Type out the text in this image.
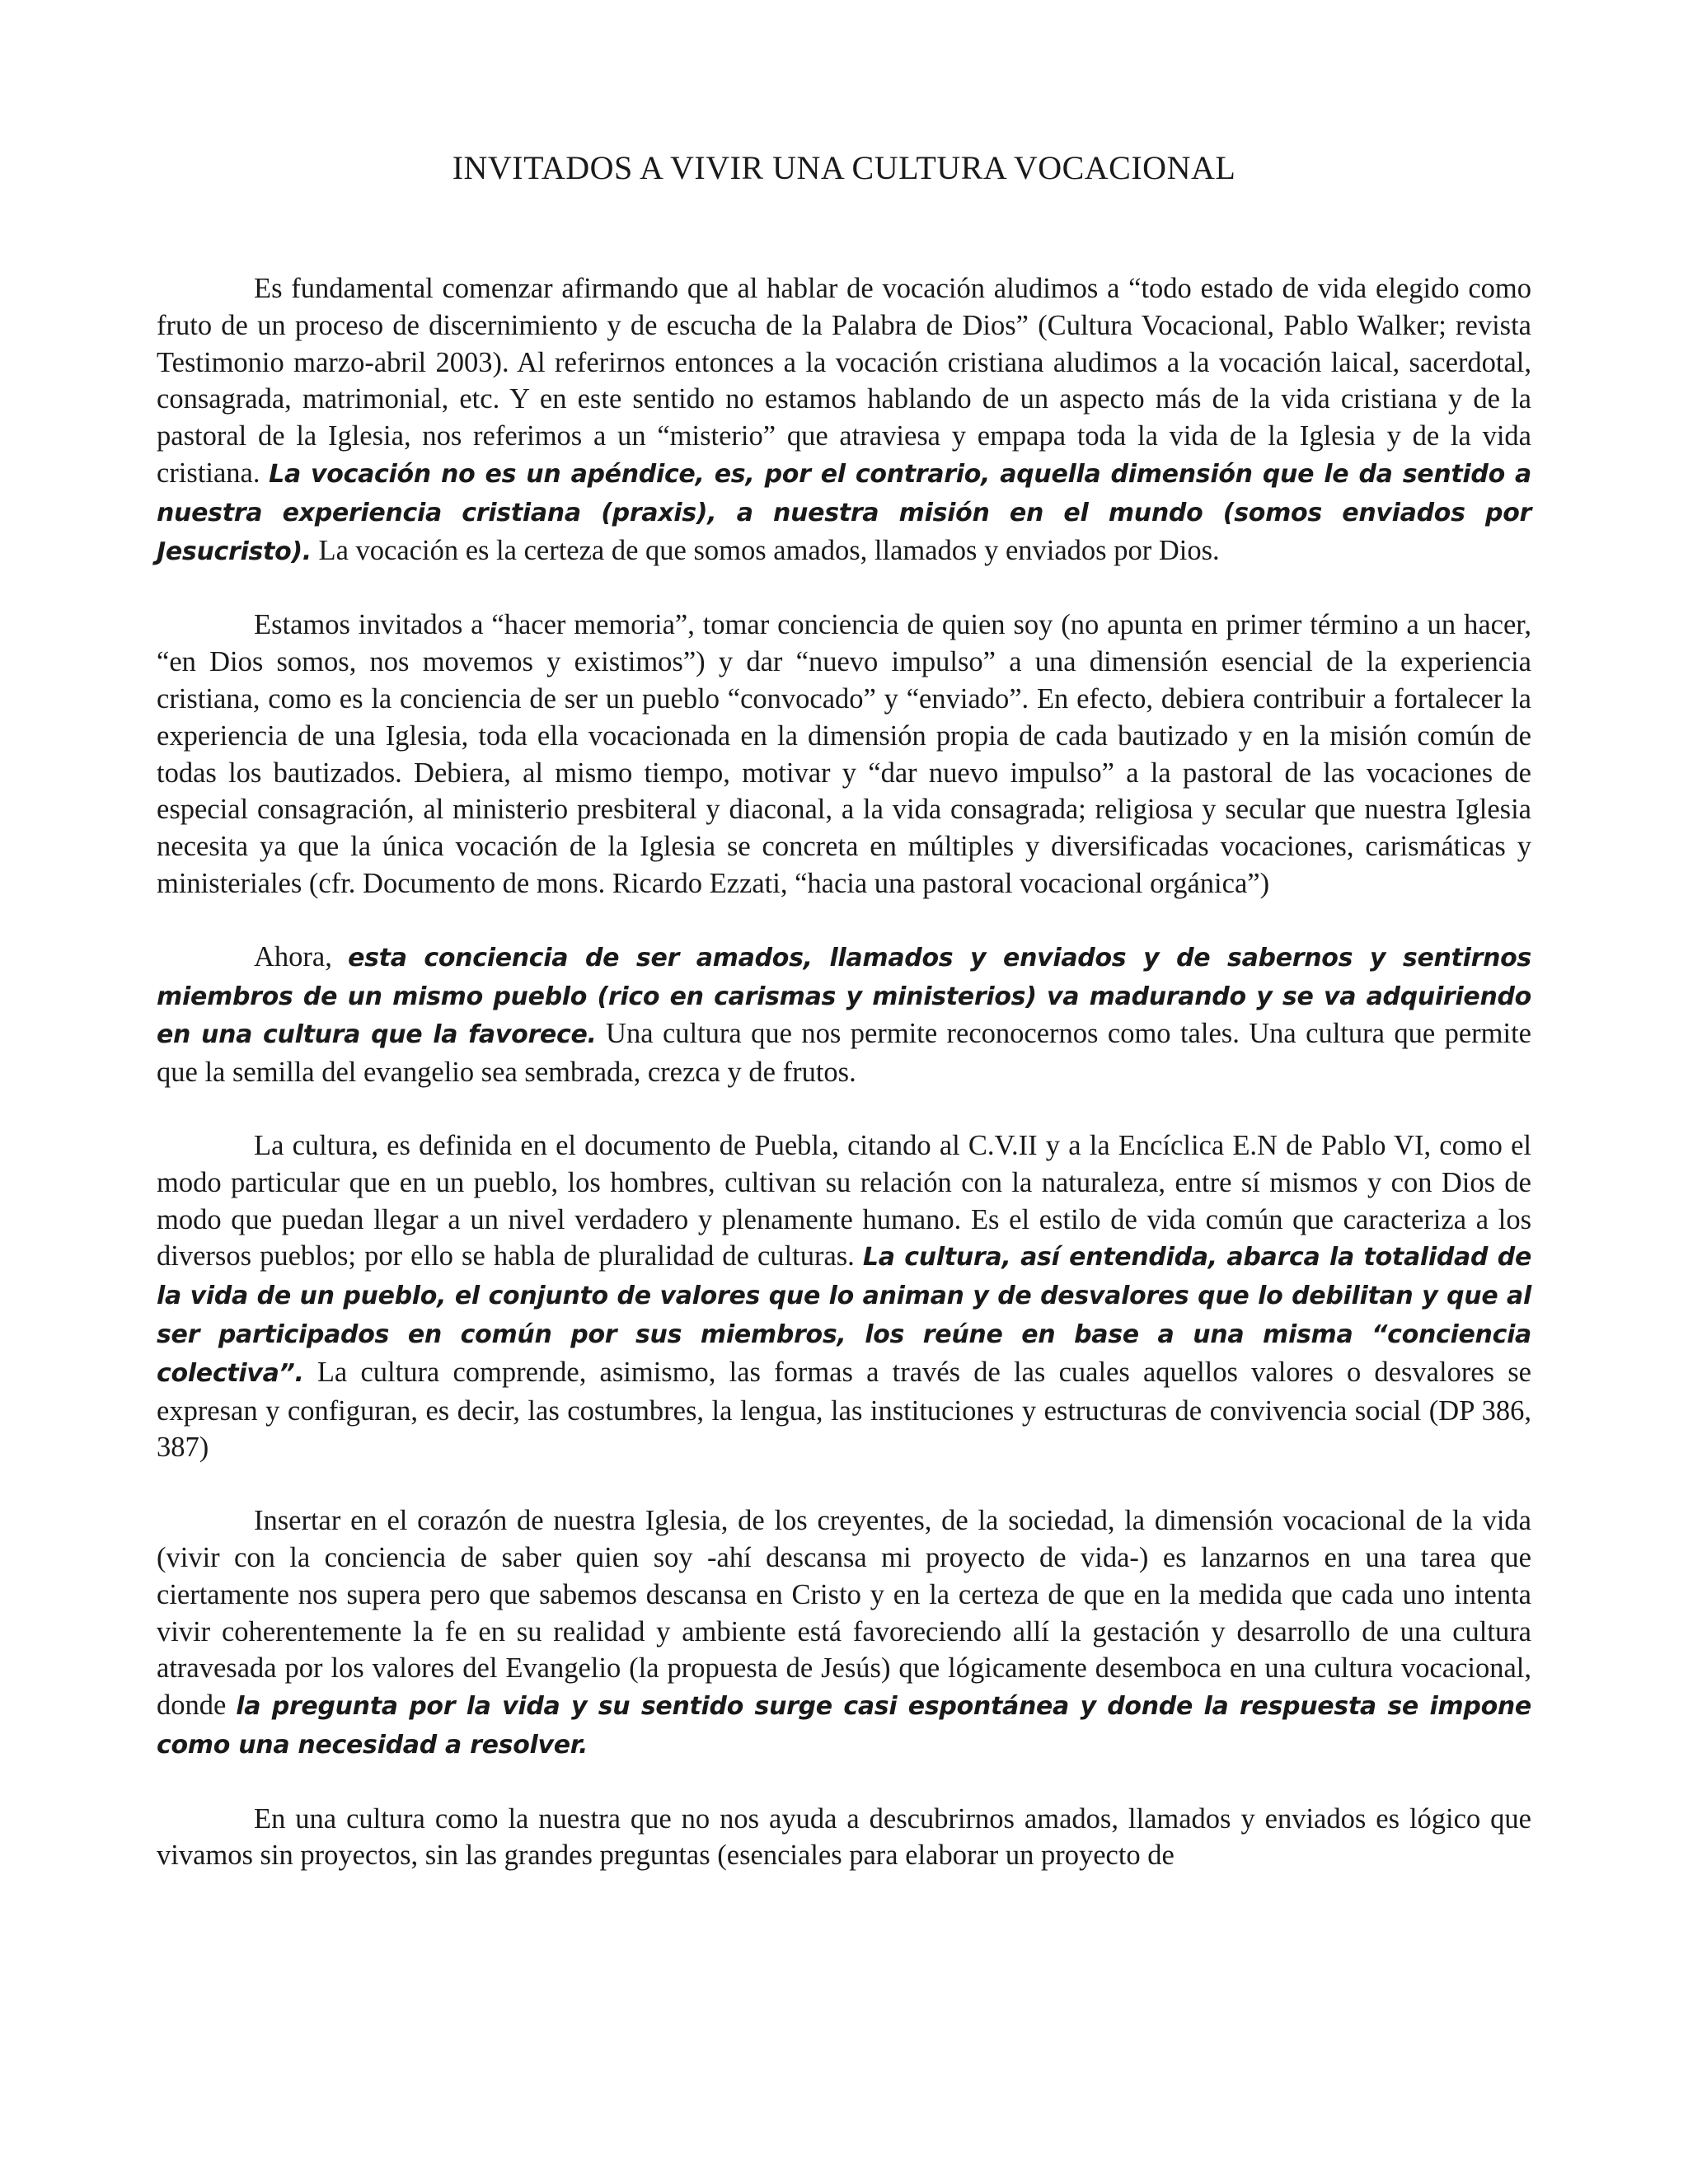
INVITADOS A VIVIR UNA CULTURA VOCACIONAL

Es fundamental comenzar afirmando que al hablar de vocación aludimos a “todo estado de vida elegido como fruto de un proceso de discernimiento y de escucha de la Palabra de Dios” (Cultura Vocacional, Pablo Walker; revista Testimonio marzo-abril 2003). Al referirnos entonces a la vocación cristiana aludimos a la vocación laical, sacerdotal, consagrada, matrimonial, etc. Y en este sentido no estamos hablando de un aspecto más de la vida cristiana y de la pastoral de la Iglesia, nos referimos a un “misterio” que atraviesa y empapa toda la vida de la Iglesia y de la vida cristiana. La vocación no es un apéndice, es, por el contrario, aquella dimensión que le da sentido a nuestra experiencia cristiana (praxis), a nuestra misión en el mundo (somos enviados por Jesucristo). La vocación es la certeza de que somos amados, llamados y enviados por Dios.

Estamos invitados a “hacer memoria”, tomar conciencia de quien soy (no apunta en primer término a un hacer, “en Dios somos, nos movemos y existimos”) y dar “nuevo impulso” a una dimensión esencial de la experiencia cristiana, como es la conciencia de ser un pueblo “convocado” y “enviado”. En efecto, debiera contribuir a fortalecer la experiencia de una Iglesia, toda ella vocacionada en la dimensión propia de cada bautizado y en la misión común de todas los bautizados. Debiera, al mismo tiempo, motivar y “dar nuevo impulso” a la pastoral de las vocaciones de especial consagración, al ministerio presbiteral y diaconal, a la vida consagrada; religiosa y secular que nuestra Iglesia necesita ya que la única vocación de la Iglesia se concreta en múltiples y diversificadas vocaciones, carismáticas y ministeriales (cfr. Documento de mons. Ricardo Ezzati, “hacia una pastoral vocacional orgánica”)

Ahora, esta conciencia de ser amados, llamados y enviados y de sabernos y sentirnos miembros de un mismo pueblo (rico en carismas y ministerios) va madurando y se va adquiriendo en una cultura que la favorece. Una cultura que nos permite reconocernos como tales. Una cultura que permite que la semilla del evangelio sea sembrada, crezca y de frutos.

La cultura, es definida en el documento de Puebla, citando al C.V.II y a la Encíclica E.N de Pablo VI, como el modo particular que en un pueblo, los hombres, cultivan su relación con la naturaleza, entre sí mismos y con Dios de modo que puedan llegar a un nivel verdadero y plenamente humano. Es el estilo de vida común que caracteriza a los diversos pueblos; por ello se habla de pluralidad de culturas. La cultura, así entendida, abarca la totalidad de la vida de un pueblo, el conjunto de valores que lo animan y de desvalores que lo debilitan y que al ser participados en común por sus miembros, los reúne en base a una misma “conciencia colectiva”. La cultura comprende, asimismo, las formas a través de las cuales aquellos valores o desvalores se expresan y configuran, es decir, las costumbres, la lengua, las instituciones y estructuras de convivencia social (DP 386, 387)

Insertar en el corazón de nuestra Iglesia, de los creyentes, de la sociedad, la dimensión vocacional de la vida (vivir con la conciencia de saber quien soy -ahí descansa mi proyecto de vida-) es lanzarnos en una tarea que ciertamente nos supera pero que sabemos descansa en Cristo y en la certeza de que en la medida que cada uno intenta vivir coherentemente la fe en su realidad y ambiente está favoreciendo allí la gestación y desarrollo de una cultura atravesada por los valores del Evangelio (la propuesta de Jesús) que lógicamente desemboca en una cultura vocacional, donde la pregunta por la vida y su sentido surge casi espontánea y donde la respuesta se impone como una necesidad a resolver.

En una cultura como la nuestra que no nos ayuda a descubrirnos amados, llamados y enviados es lógico que vivamos sin proyectos, sin las grandes preguntas (esenciales para elaborar un proyecto de
